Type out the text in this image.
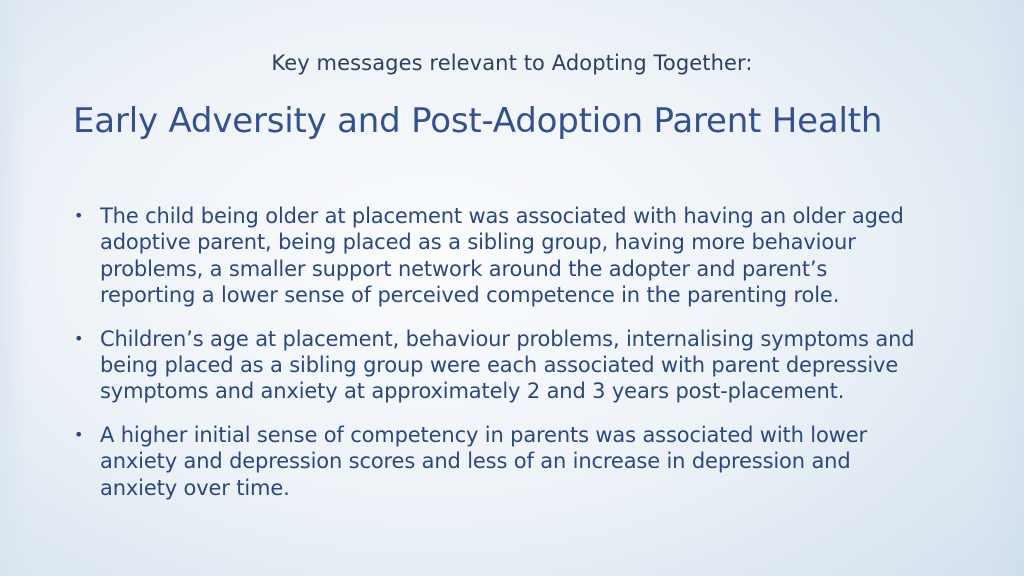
Key messages relevant to Adopting Together:
Early Adversity and Post-Adoption Parent Health
• The child being older at placement was associated with having an older aged adoptive parent, being placed as a sibling group, having more behaviour problems, a smaller support network around the adopter and parent’s reporting a lower sense of perceived competence in the parenting role.
• Children’s age at placement, behaviour problems, internalising symptoms and being placed as a sibling group were each associated with parent depressive symptoms and anxiety at approximately 2 and 3 years post-placement.
• A higher initial sense of competency in parents was associated with lower anxiety and depression scores and less of an increase in depression and anxiety over time.
